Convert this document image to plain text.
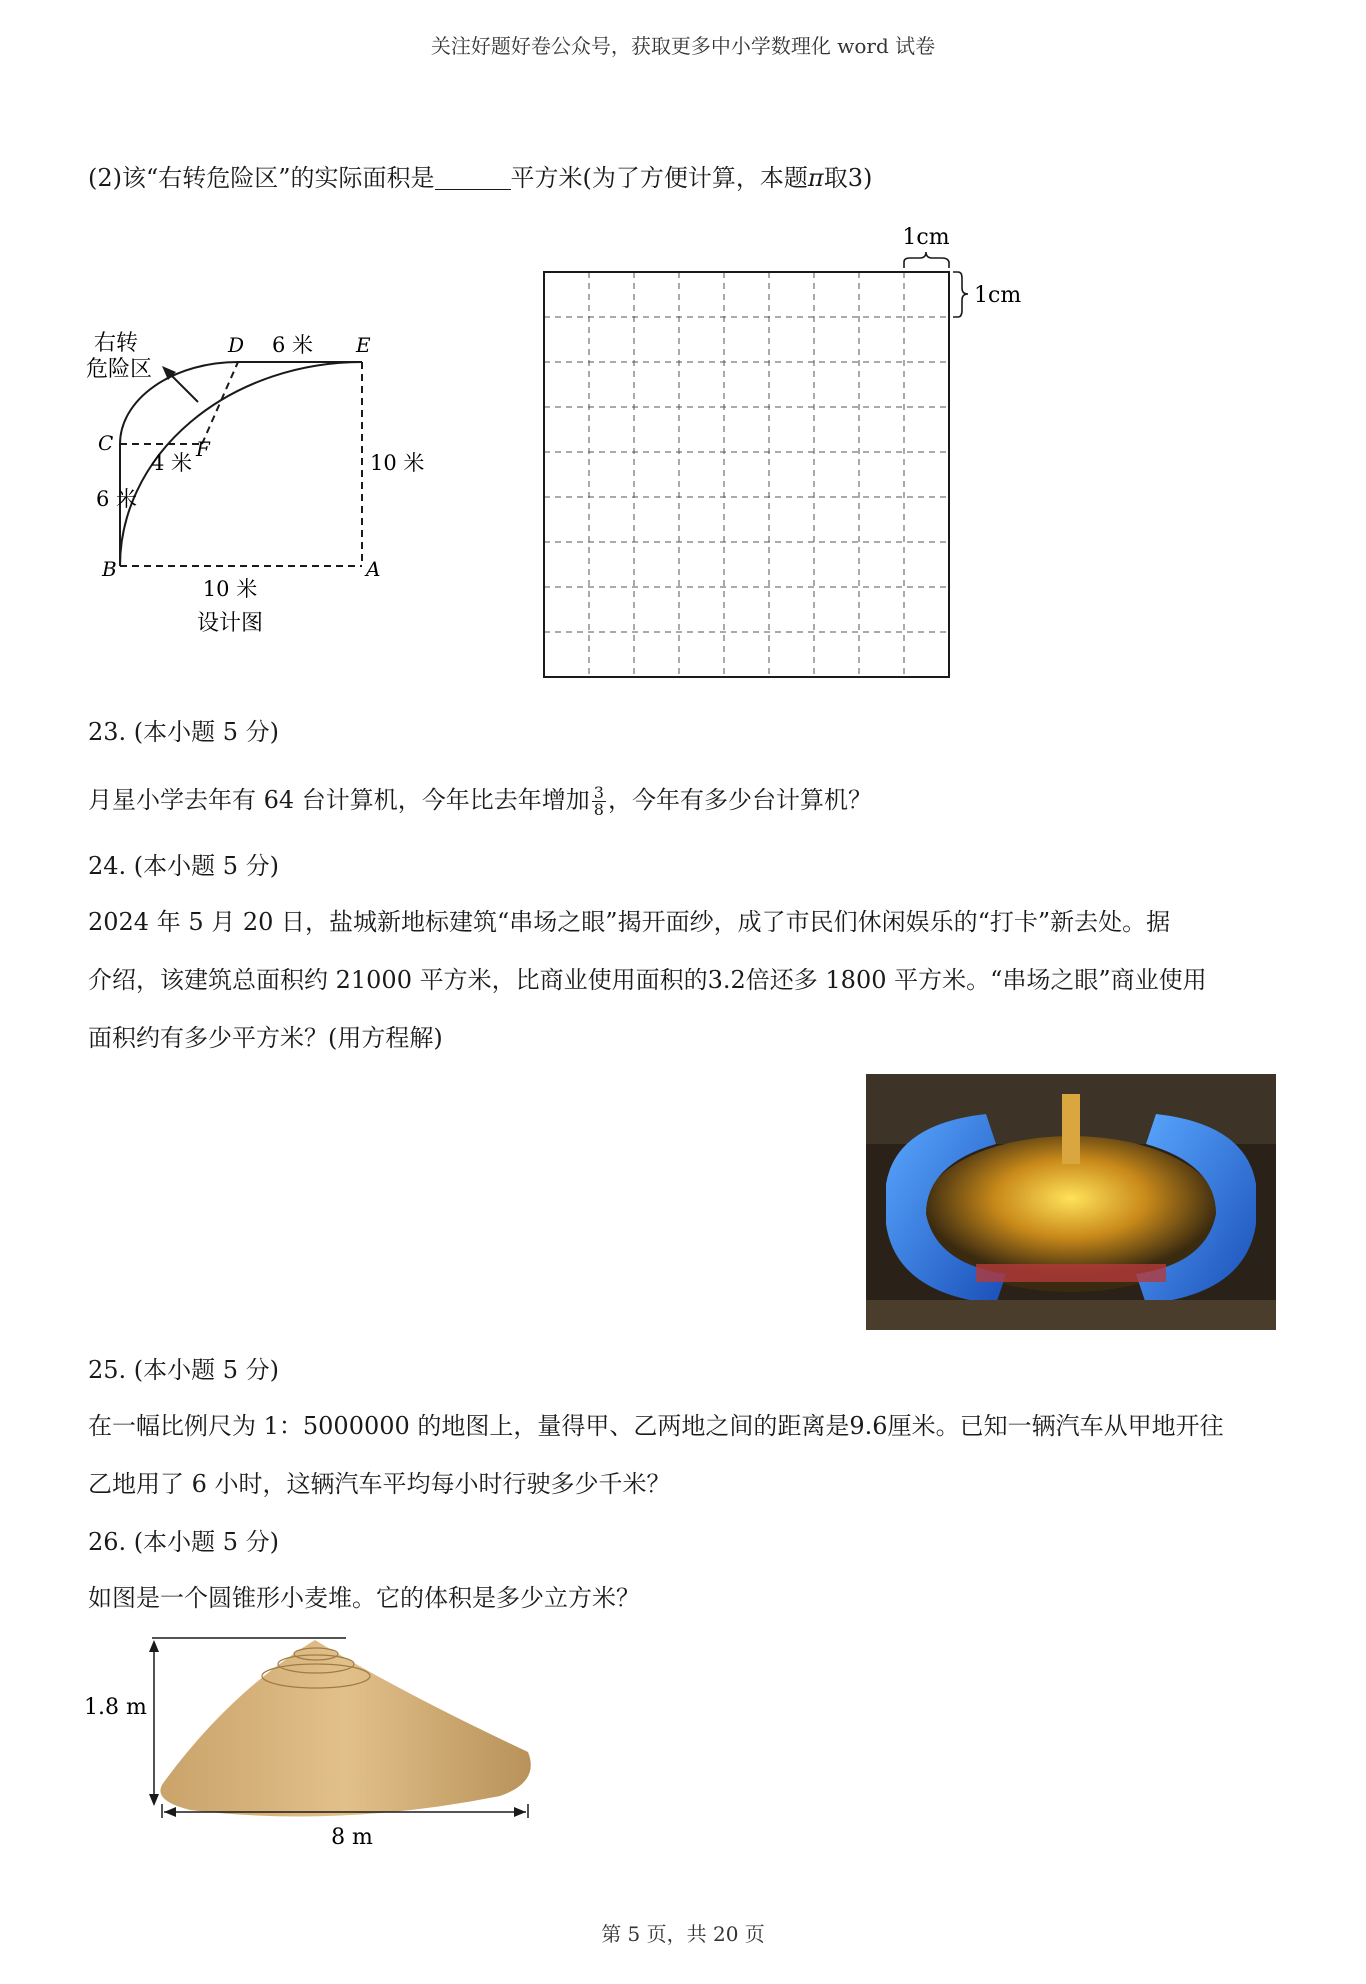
关注好题好卷公众号，获取更多中小学数理化 word 试卷
(2)该“右转危险区”的实际面积是	平方米(为了方便计算，本题π取3)
右转
危险区
D 6 米 E
C	F
4 米	10 米
6 米
B	A
10 米
设计图
1cm
1cm
23. (本小题 5 分)
月星小学去年有 64 台计算机，今年比去年增加 $\frac{3}{8}$ ，今年有多少台计算机？
24. (本小题 5 分)
2024 年 5 月 20 日，盐城新地标建筑“串场之眼”揭开面纱，成了市民们休闲娱乐的“打卡”新去处。据
介绍，该建筑总面积约 21000 平方米，比商业使用面积的3.2倍还多 1800 平方米。“串场之眼”商业使用
面积约有多少平方米？(用方程解)
25. (本小题 5 分)
在一幅比例尺为 1：5000000 的地图上，量得甲、乙两地之间的距离是9.6厘米。已知一辆汽车从甲地开往
乙地用了 6 小时，这辆汽车平均每小时行驶多少千米？
26. (本小题 5 分)
如图是一个圆锥形小麦堆。它的体积是多少立方米？
1.8 m
8 m
第 5 页，共 20 页
